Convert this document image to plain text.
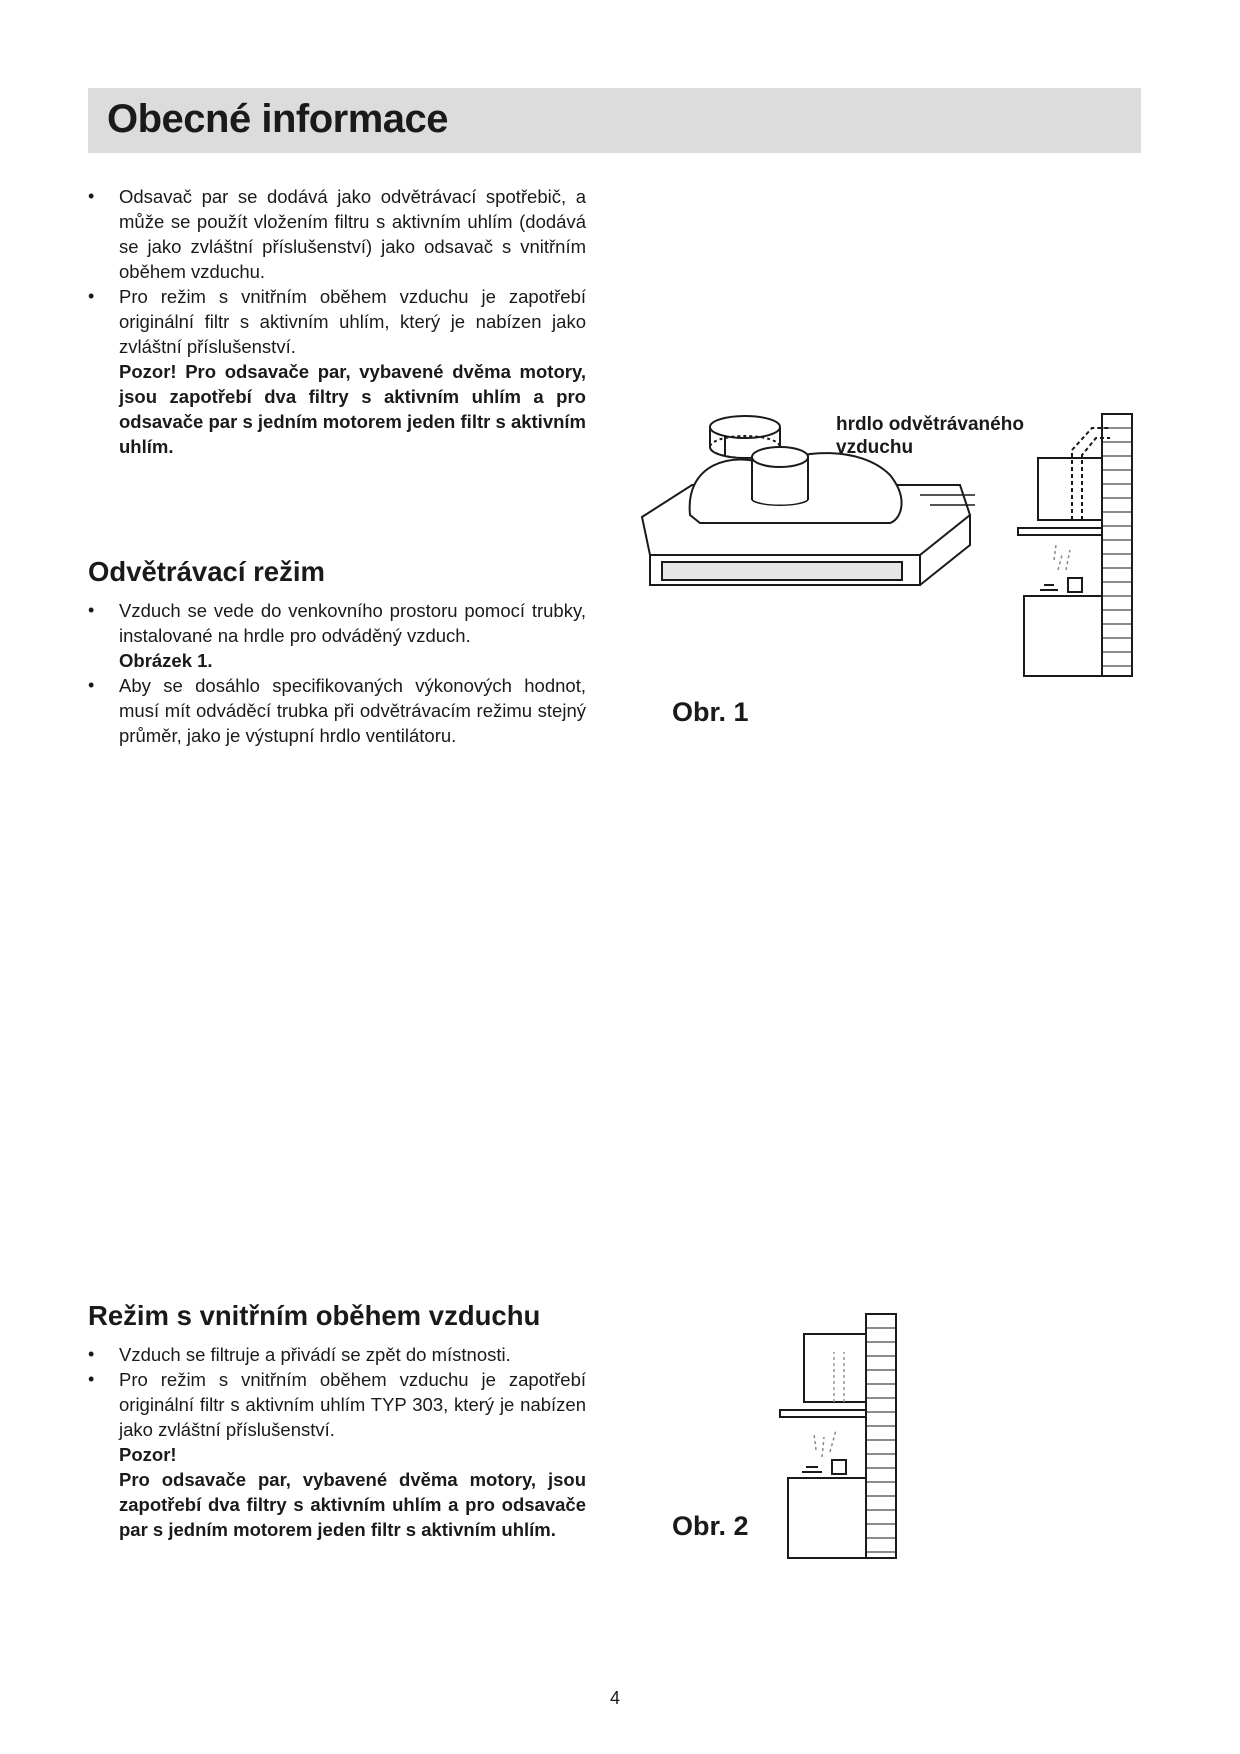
Obecné informace
• Odsavač par se dodává jako odvětrávací spotřebič, a může se použít vložením filtru s aktivním uhlím (dodává se jako zvláštní příslušenství) jako odsavač s vnitřním oběhem vzduchu.
• Pro režim s vnitřním oběhem vzduchu je zapotřebí originální filtr s aktivním uhlím, který je nabízen jako zvláštní příslušenství.
Pozor! Pro odsavače par, vybavené dvěma motory, jsou zapotřebí dva filtry s aktivním uhlím a pro odsavače par s jedním motorem jeden filtr s aktivním uhlím.
Odvětrávací režim
• Vzduch se vede do venkovního prostoru pomocí trubky, instalované na hrdle pro odváděný vzduch.
Obrázek 1.
• Aby se dosáhlo specifikovaných výkonových hodnot, musí mít odváděcí trubka při odvětrávacím režimu stejný průměr, jako je výstupní hrdlo ventilátoru.
hrdlo odvětrávaného vzduchu
Obr. 1
Režim s vnitřním oběhem vzduchu
• Vzduch se filtruje a přivádí se zpět do místnosti.
• Pro režim s vnitřním oběhem vzduchu je zapotřebí originální filtr s aktivním uhlím TYP 303, který je nabízen jako zvláštní příslušenství.
Pozor!
Pro odsavače par, vybavené dvěma motory, jsou zapotřebí dva filtry s aktivním uhlím a pro odsavače par s jedním motorem jeden filtr s aktivním uhlím.	Obr. 2
4
